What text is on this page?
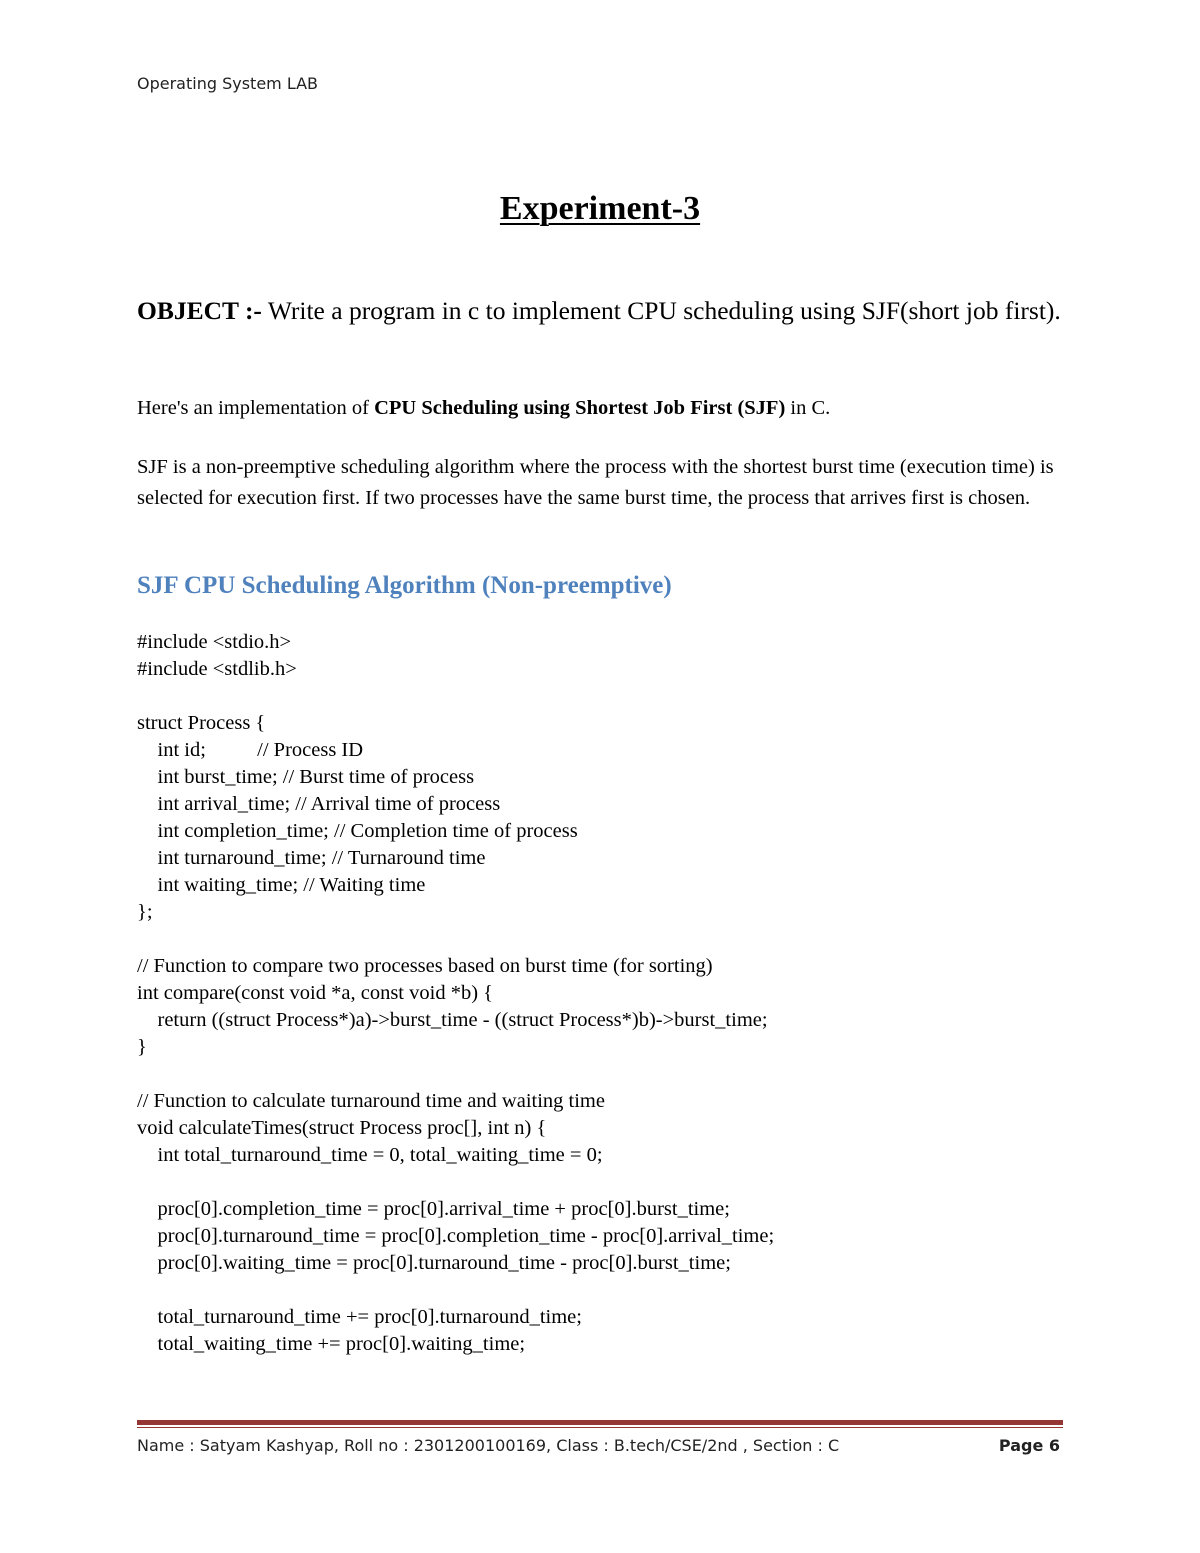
Operating System LAB
Experiment-3
OBJECT :- Write a program in c to implement CPU scheduling using SJF(short job first).
Here's an implementation of CPU Scheduling using Shortest Job First (SJF) in C.
SJF is a non-preemptive scheduling algorithm where the process with the shortest burst time (execution time) is selected for execution first. If two processes have the same burst time, the process that arrives first is chosen.
SJF CPU Scheduling Algorithm (Non-preemptive)
#include <stdio.h>
#include <stdlib.h>

struct Process {
int id;          // Process ID
int burst_time; // Burst time of process
int arrival_time; // Arrival time of process
int completion_time; // Completion time of process
int turnaround_time; // Turnaround time
int waiting_time; // Waiting time
};

// Function to compare two processes based on burst time (for sorting)
int compare(const void *a, const void *b) {
return ((struct Process*)a)->burst_time - ((struct Process*)b)->burst_time;
}

// Function to calculate turnaround time and waiting time
void calculateTimes(struct Process proc[], int n) {
int total_turnaround_time = 0, total_waiting_time = 0;

proc[0].completion_time = proc[0].arrival_time + proc[0].burst_time;
proc[0].turnaround_time = proc[0].completion_time - proc[0].arrival_time;
proc[0].waiting_time = proc[0].turnaround_time - proc[0].burst_time;

total_turnaround_time += proc[0].turnaround_time;
total_waiting_time += proc[0].waiting_time;
Name : Satyam Kashyap, Roll no : 2301200100169, Class : B.tech/CSE/2nd , Section : C	Page 6
